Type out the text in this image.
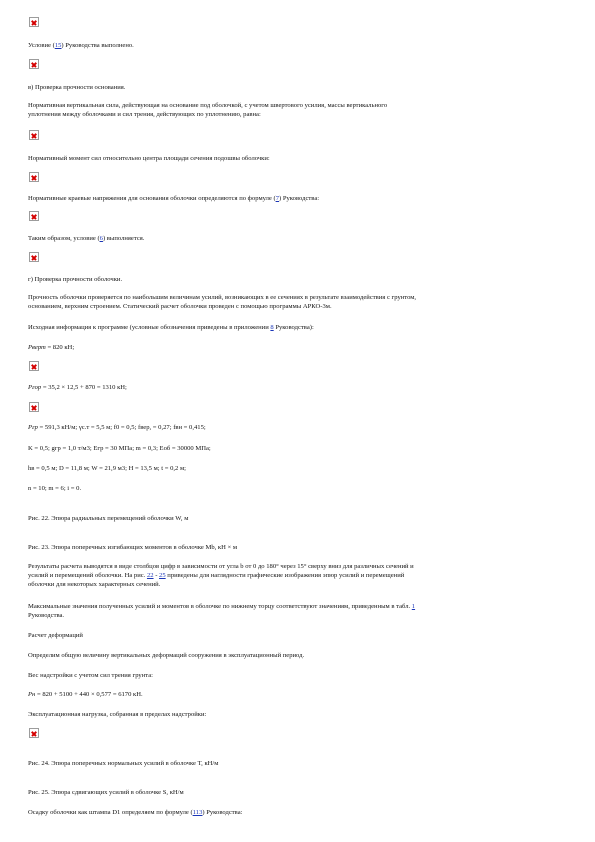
Условие (15) Руководства выполнено.
в) Проверка прочности основания.
Нормативная вертикальная сила, действующая на основание под оболочкой, с учетом швертового усилия, массы вертикального
уплотнения между оболочками и сил трения, действующих по уплотнению, равна:
Нормативный момент сил относительно центра площади сечения подошвы оболочки:
Нормативные краевые напряжения для основания оболочки определяются по формуле (7) Руководства:
Таким образом, условие (6) выполняется.
г) Проверка прочности оболочки.
Прочность оболочки проверяется по наибольшим величинам усилий, возникающих в ее сечениях в результате взаимодействия с грунтом,
основанием, верхним строением. Статический расчет оболочки проведен с помощью программы АРКО-3м.
Исходная информация к программе (условные обозначения приведены в приложении 8 Руководства):
Рверт = 820 кН;
Ргор = 35,2 × 12,5 + 870 = 1310 кН;
Ргр = 591,3 кН/м; γс.т = 5,5 м; f0 = 0,5; fвер, = 0,27; fвн = 0,415;
K = 0,5; gгр = 1,0 т/м3; Eгр = 30 МПа; m = 0,3; Eоб = 30000 МПа;
hв = 0,5 м; D = 11,8 м; W = 21,9 м3; H = 13,5 м; t = 0,2 м;
n = 10; m = 6; i = 0.
Рис. 22. Эпюра радиальных перемещений оболочки W, м
Рис. 23. Эпюра поперечных изгибающих моментов в оболочке Mb, кН × м
Результаты расчета выводятся в виде столбцов цифр в зависимости от угла b от 0 до 180° через 15° сверху вниз для различных сечений и
усилий и перемещений оболочки. На рис. 22 - 25 приведены для наглядности графические изображения эпюр усилий и перемещений
оболочки для некоторых характерных сечений.
Максимальные значения полученных усилий и моментов в оболочке по нижнему торцу соответствуют значениям, приведенным в табл. 1
Руководства.
Расчет деформаций
Определим общую величину вертикальных деформаций сооружения в эксплуатационный период.
Вес надстройки с учетом сил трения грунта:
Рн = 820 + 5100 + 440 × 0,577 = 6170 кН.
Эксплуатационная нагрузка, собранная в пределах надстройки:
Рис. 24. Эпюра поперечных нормальных усилий в оболочке T, кН/м
Рис. 25. Эпюра сдвигающих усилий в оболочке S, кН/м
Осадку оболочки как штампа D1 определяем по формуле (113) Руководства:
